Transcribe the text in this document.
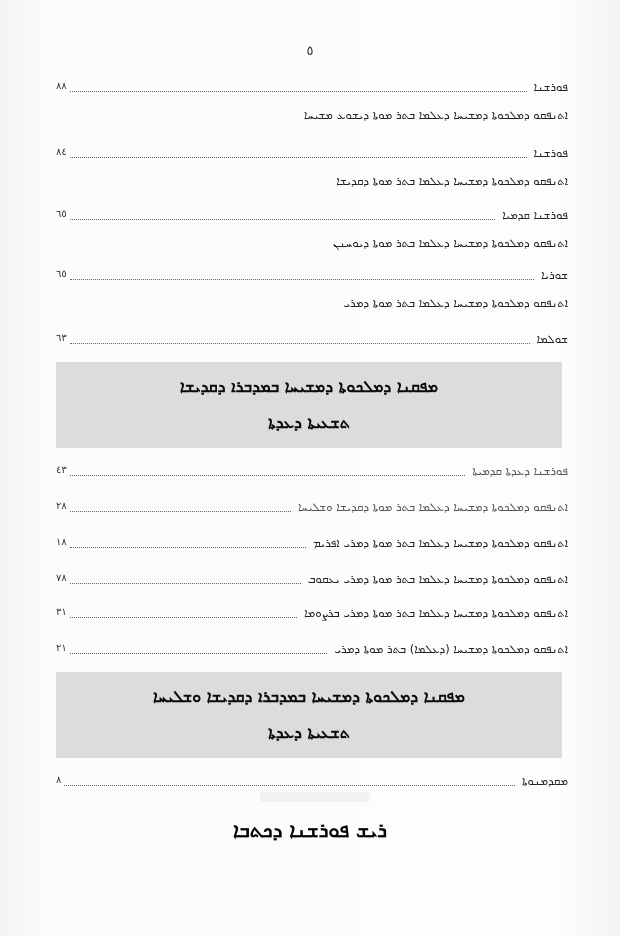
٥
ܦܘܪܫܢܐ
٨٨
ܐܬܢܦܩܘ ܕܡܠܟܘܬܐ ܕܡܫܝܚܐ ܕܥܠܡܐ ܒܬܪ ܡܘܬܐ ܕܝܫܘܥ ܡܫܝܚܐ
ܦܘܪܫܢܐ
٨٤
ܐܬܢܦܩܘ ܕܡܠܟܘܬܐ ܕܡܫܝܚܐ ܕܥܠܡܐ ܒܬܪ ܡܘܬܐ ܕܩܕܝܫܐ
ܦܘܪܫܢܐ ܩܕܡܝܐ
٦٥
ܐܬܢܦܩܘ ܕܡܠܟܘܬܐ ܕܡܫܝܚܐ ܕܥܠܡܐ ܒܬܪ ܡܘܬܐ ܕܝܘܚܢܢ
ܫܘܪܝܐ
٦٥
ܐܬܢܦܩܘ ܕܡܠܟܘܬܐ ܕܡܫܝܚܐ ܕܥܠܡܐ ܒܬܪ ܡܘܬܐ ܕܡܪܝ
ܫܘܠܡܐ
٦٣
ܡܦܩܢܐ ܕܡܠܟܘܬܐ ܕܡܫܝܚܐ ܒܡܕܒܪܐ ܕܩܕܝܫܐ
ܬܫܥܝܬܐ ܕܥܕܬܐ
ܦܘܪܫܢܐ ܕܥܕܬܐ ܩܕܡܝܬܐ
٤٣
ܐܬܢܦܩܘ ܕܡܠܟܘܬܐ ܕܡܫܝܚܐ ܕܥܠܡܐ ܒܬܪ ܡܘܬܐ ܕܩܕܝܫܐ ܘܫܠܝܚܐ
٢٨
ܐܬܢܦܩܘ ܕܡܠܟܘܬܐ ܕܡܫܝܚܐ ܕܥܠܡܐ ܒܬܪ ܡܘܬܐ ܕܡܪܝ ܐܦܪܝܡ
١٨
ܐܬܢܦܩܘ ܕܡܠܟܘܬܐ ܕܡܫܝܚܐ ܕܥܠܡܐ ܒܬܪ ܡܘܬܐ ܕܡܪܝ ܝܥܩܘܒ
٧٨
ܐܬܢܦܩܘ ܕܡܠܟܘܬܐ ܕܡܫܝܚܐ ܕܥܠܡܐ ܒܬܪ ܡܘܬܐ ܕܡܪܝ ܒܪܨܘܡܐ
٣١
ܐܬܢܦܩܘ ܕܡܠܟܘܬܐ ܕܡܫܝܚܐ (ܕܥܠܡܐ) ܒܬܪ ܡܘܬܐ ܕܡܪܝ
٢١
ܡܦܩܢܐ ܕܡܠܟܘܬܐ ܕܡܫܝܚܐ ܒܡܕܒܪܐ ܕܩܕܝܫܐ ܘܫܠܝܚܐ
ܬܫܥܝܬܐ ܕܥܕܬܐ
ܡܩܕܡܢܘܬܐ
٨
ܪܝܫ ܦܘܪܫܢܐ ܕܟܬܒܐ
